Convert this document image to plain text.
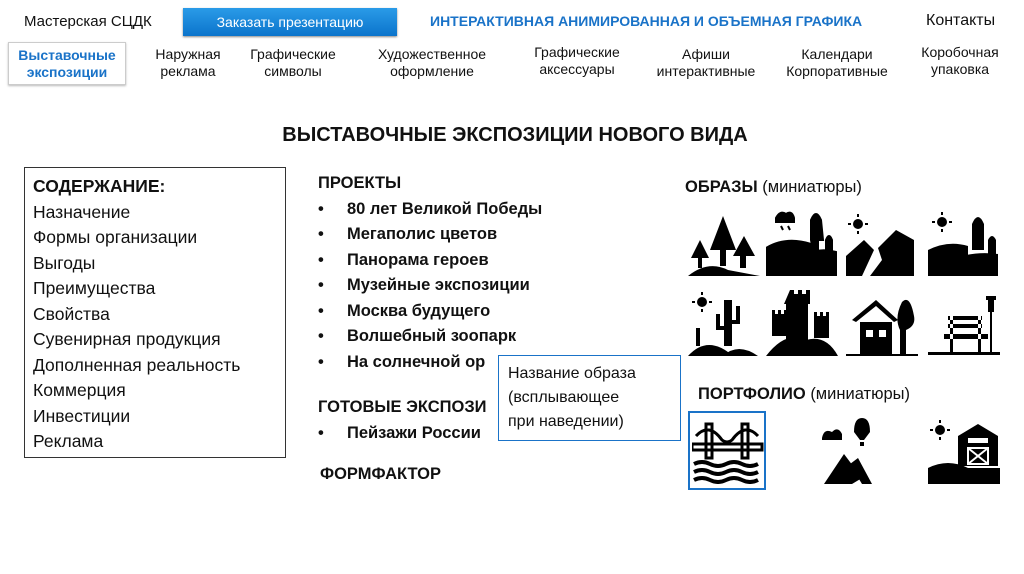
Мастерская СЦДК	Заказать презентацию	ИНТЕРАКТИВНАЯ АНИМИРОВАННАЯ И ОБЪЕМНАЯ ГРАФИКА	Контакты
Выставочные
экспозиции
Наружная
реклама
Графические
символы
Художественное
оформление
Графические
аксессуары
Афиши
интерактивные
Календари
Корпоративные
Коробочная
упаковка
ВЫСТАВОЧНЫЕ ЭКСПОЗИЦИИ НОВОГО ВИДА
СОДЕРЖАНИЕ:
Назначение
Формы организации
Выгоды
Преимущества
Свойства
Сувенирная продукция
Дополненная реальность
Коммерция
Инвестиции
Реклама
ПРОЕКТЫ
• 80 лет Великой Победы
• Мегаполис цветов
• Панорама героев
• Музейные экспозиции
• Москва будущего
• Волшебный зоопарк
• На солнечной ор
ГОТОВЫЕ ЭКСПОЗИ
• Пейзажи России
ФОРМФАКТОР
Название образа
(всплывающее
при наведении)
ОБРАЗЫ (миниатюры)
ПОРТФОЛИО (миниатюры)
